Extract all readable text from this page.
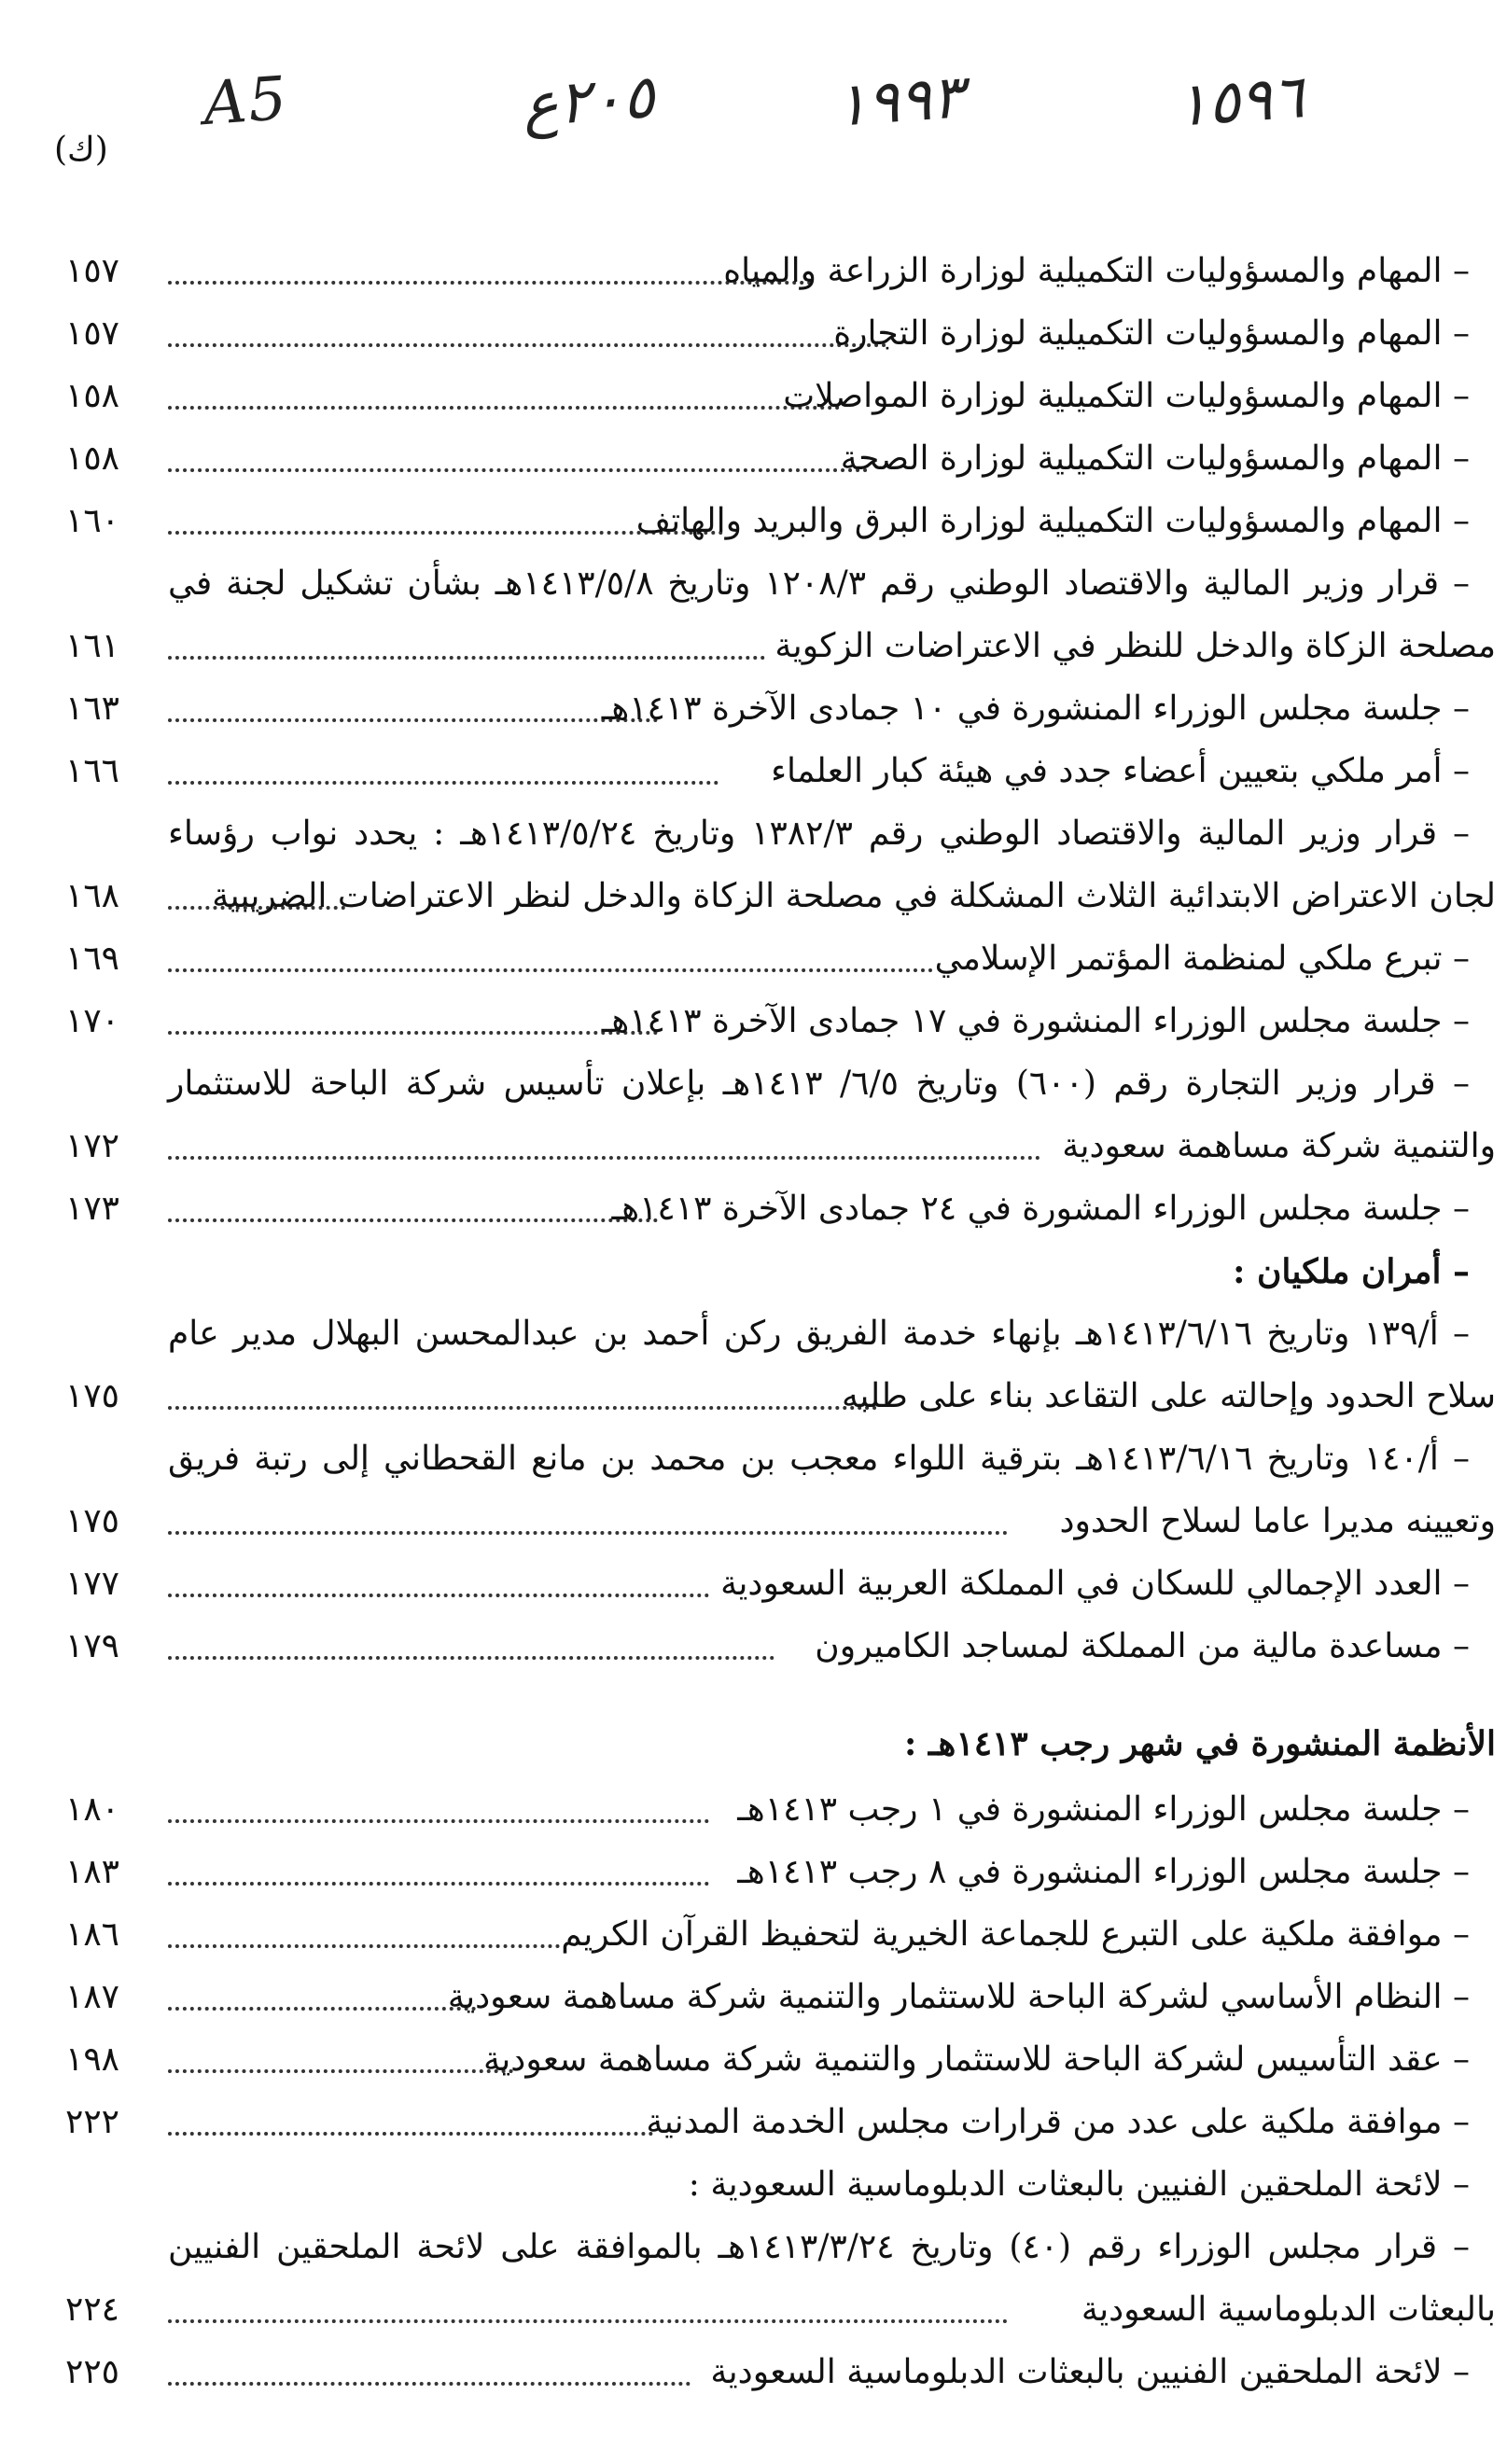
A5	٢٠٥ع	١٩٩٣	١٥٩٦
(ك)
١٥٧	– المهام والمسؤوليات التكميلية لوزارة الزراعة والمياه
١٥٧	– المهام والمسؤوليات التكميلية لوزارة التجارة
١٥٨	– المهام والمسؤوليات التكميلية لوزارة المواصلات
١٥٨	– المهام والمسؤوليات التكميلية لوزارة الصحة
١٦٠	– المهام والمسؤوليات التكميلية لوزارة البرق والبريد والهاتف
– قرار وزير المالية والاقتصاد الوطني رقم ١٢٠٨/٣ وتاريخ ١٤١٣/٥/٨هـ بشأن تشكيل لجنة في
١٦١	مصلحة الزكاة والدخل للنظر في الاعتراضات الزكوية
١٦٣	– جلسة مجلس الوزراء المنشورة في ١٠ جمادى الآخرة ١٤١٣هـ
١٦٦	– أمر ملكي بتعيين أعضاء جدد في هيئة كبار العلماء
– قرار وزير المالية والاقتصاد الوطني رقم ١٣٨٢/٣ وتاريخ ١٤١٣/٥/٢٤هـ : يحدد نواب رؤساء
١٦٨	لجان الاعتراض الابتدائية الثلاث المشكلة في مصلحة الزكاة والدخل لنظر الاعتراضات الضريبية
١٦٩	– تبرع ملكي لمنظمة المؤتمر الإسلامي
١٧٠	– جلسة مجلس الوزراء المنشورة في ١٧ جمادى الآخرة ١٤١٣هـ
– قرار وزير التجارة رقم (٦٠٠) وتاريخ ٦/٥/ ١٤١٣هـ بإعلان تأسيس شركة الباحة للاستثمار
١٧٢	والتنمية شركة مساهمة سعودية
١٧٣	– جلسة مجلس الوزراء المشورة في ٢٤ جمادى الآخرة ١٤١٣هـ
– أمران ملكيان :
– أ/١٣٩ وتاريخ ١٤١٣/٦/١٦هـ بإنهاء خدمة الفريق ركن أحمد بن عبدالمحسن البهلال مدير عام
١٧٥	سلاح الحدود وإحالته على التقاعد بناء على طلبه
– أ/١٤٠ وتاريخ ١٤١٣/٦/١٦هـ بترقية اللواء معجب بن محمد بن مانع القحطاني إلى رتبة فريق
١٧٥	وتعيينه مديرا عاما لسلاح الحدود
١٧٧	– العدد الإجمالي للسكان في المملكة العربية السعودية
١٧٩	– مساعدة مالية من المملكة لمساجد الكاميرون
الأنظمة المنشورة في شهر رجب ١٤١٣هـ :
١٨٠	– جلسة مجلس الوزراء المنشورة في ١ رجب ١٤١٣هـ
١٨٣	– جلسة مجلس الوزراء المنشورة في ٨ رجب ١٤١٣هـ
١٨٦	– موافقة ملكية على التبرع للجماعة الخيرية لتحفيظ القرآن الكريم
١٨٧	– النظام الأساسي لشركة الباحة للاستثمار والتنمية شركة مساهمة سعودية
١٩٨	– عقد التأسيس لشركة الباحة للاستثمار والتنمية شركة مساهمة سعودية
٢٢٢	– موافقة ملكية على عدد من قرارات مجلس الخدمة المدنية
– لائحة الملحقين الفنيين بالبعثات الدبلوماسية السعودية :
– قرار مجلس الوزراء رقم (٤٠) وتاريخ ١٤١٣/٣/٢٤هـ بالموافقة على لائحة الملحقين الفنيين
٢٢٤	بالبعثات الدبلوماسية السعودية
٢٢٥	– لائحة الملحقين الفنيين بالبعثات الدبلوماسية السعودية
